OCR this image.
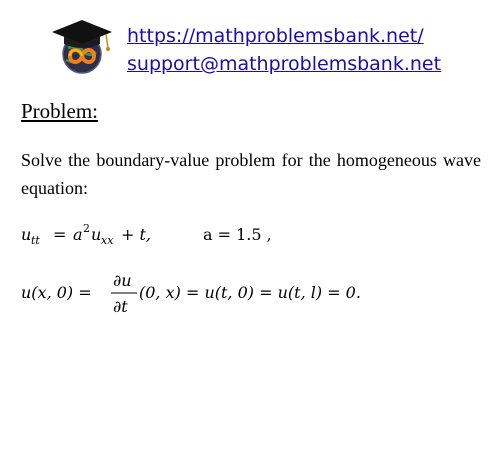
https://mathproblemsbank.net/
support@mathproblemsbank.net
Problem:

Solve the boundary-value problem for the homogeneous wave equation:

u tt = a 2 u xx + t,	a = 1.5 ,
u(x, 0) =
∂u
∂t
(0, x) = u(t, 0) = u(t, l) = 0.
